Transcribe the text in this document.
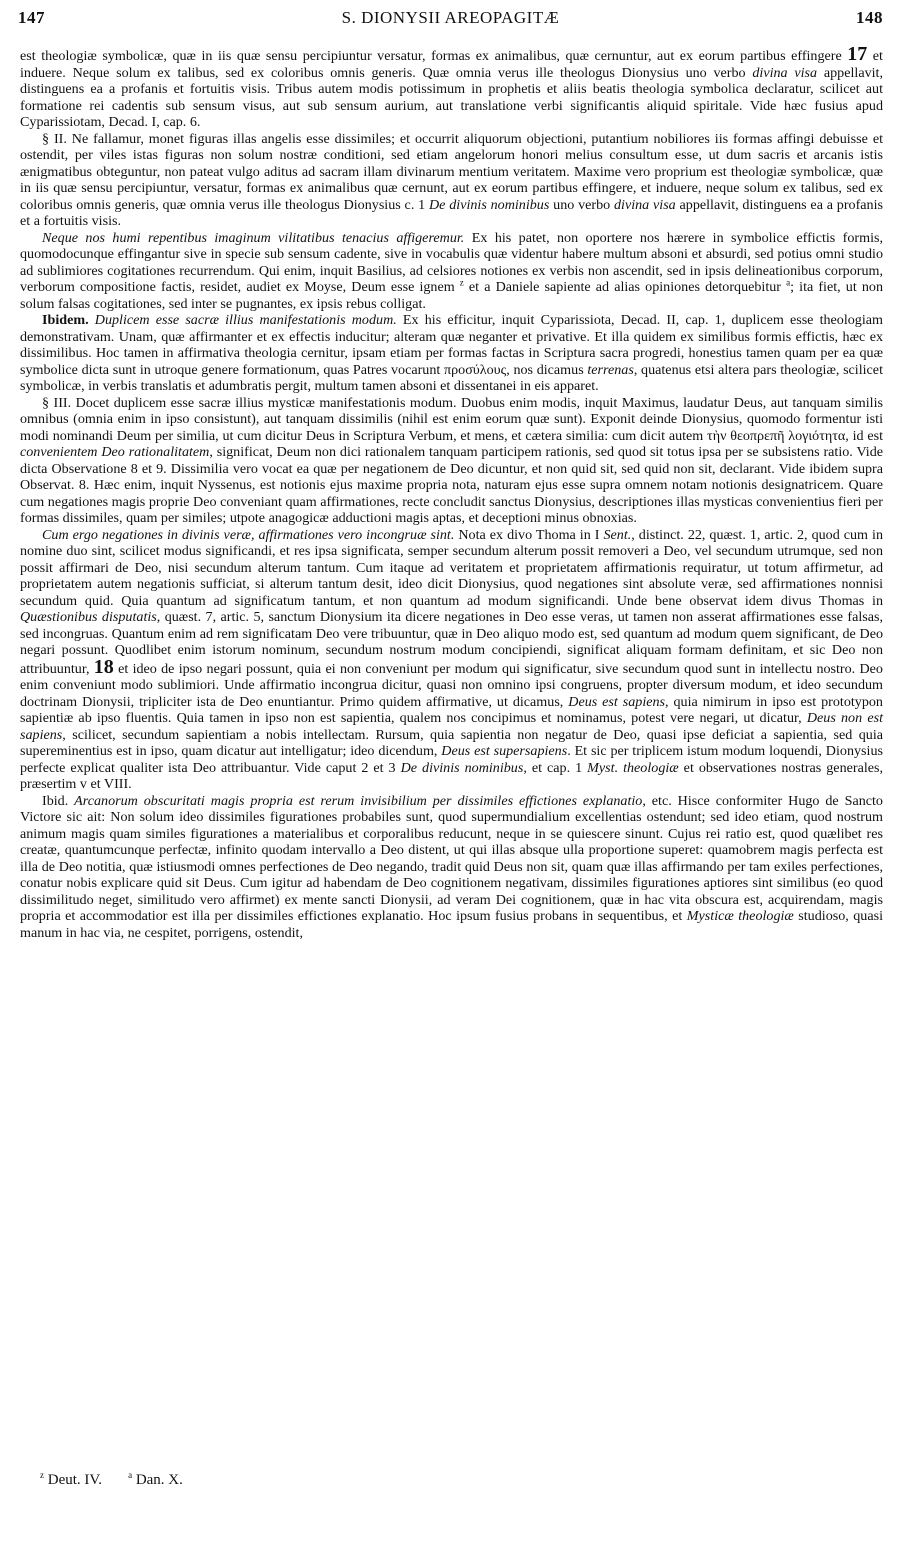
147	S. DIONYSII AREOPAGITÆ	148

est theologiæ symbolicæ, quæ in iis quæ sensu percipiuntur versatur, formas ex animalibus, quæ cernuntur, aut ex eorum partibus effingere 17 et induere. Neque solum ex talibus, sed ex coloribus omnis generis. Quæ omnia verus ille theologus Dionysius uno verbo divina visa appellavit, distinguens ea a profanis et fortuitis visis. Tribus autem modis potissimum in prophetis et aliis beatis theologia symbolica declaratur, scilicet aut formatione rei cadentis sub sensum visus, aut sub sensum aurium, aut translatione verbi significantis aliquid spiritale. Vide hæc fusius apud Cyparissiotam, Decad. I, cap. 6.

§ II. Ne fallamur, monet figuras illas angelis esse dissimiles; et occurrit aliquorum objectioni, putantium nobiliores iis formas affingi debuisse et ostendit, per viles istas figuras non solum nostræ conditioni, sed etiam angelorum honori melius consultum esse, ut dum sacris et arcanis istis ænigmatibus obteguntur, non pateat vulgo aditus ad sacram illam divinarum mentium veritatem. Maxime vero proprium est theologiæ symbolicæ, quæ in iis quæ sensu percipiuntur, versatur, formas ex animalibus quæ cernunt, aut ex eorum partibus effingere, et induere, neque solum ex talibus, sed ex coloribus omnis generis, quæ omnia verus ille theologus Dionysius c. 1 De divinis nominibus uno verbo divina visa appellavit, distinguens ea a profanis et a fortuitis visis.

Neque nos humi repentibus imaginum vilitatibus tenacius affigeremur. Ex his patet, non oportere nos hærere in symbolice effictis formis, quomodocunque effingantur sive in specie sub sensum cadente, sive in vocabulis quæ videntur habere multum absoni et absurdi, sed potius omni studio ad sublimiores cogitationes recurrendum. Qui enim, inquit Basilius, ad celsiores notiones ex verbis non ascendit, sed in ipsis delineationibus corporum, verborum compositione factis, residet, audiet ex Moyse, Deum esse ignem $^z$ et a Daniele sapiente ad alias opiniones detorquebitur $^a$; ita fiet, ut non solum falsas cogitationes, sed inter se pugnantes, ex ipsis rebus colligat.

Ibidem. Duplicem esse sacræ illius manifestationis modum. Ex his efficitur, inquit Cyparissiota, Decad. II, cap. 1, duplicem esse theologiam demonstrativam. Unam, quæ affirmanter et ex effectis inducitur; alteram quæ neganter et privative. Et illa quidem ex similibus formis effictis, hæc ex dissimilibus. Hoc tamen in affirmativa theologia cernitur, ipsam etiam per formas factas in Scriptura sacra progredi, honestius tamen quam per ea quæ symbolice dicta sunt in utroque genere formationum, quas Patres vocarunt προσύλους, nos dicamus terrenas, quatenus etsi altera pars theologiæ, scilicet symbolicæ, in verbis translatis et adumbratis pergit, multum tamen absoni et dissentanei in eis apparet.

§ III. Docet duplicem esse sacræ illius mysticæ manifestationis modum. Duobus enim modis, inquit Maximus, laudatur Deus, aut tanquam similis omnibus (omnia enim in ipso consistunt), aut tanquam dissimilis (nihil est enim eorum quæ sunt). Exponit deinde Dionysius, quomodo formentur isti modi nominandi Deum per similia, ut cum dicitur Deus in Scriptura Verbum, et mens, et cætera similia: cum dicit autem τὴν θεοπρεπῆ λογιότητα, id est convenientem Deo rationalitatem, significat, Deum non dici rationalem tanquam participem rationis, sed quod sit totus ipsa per se subsistens ratio. Vide dicta Observatione 8 et 9. Dissimilia vero vocat ea quæ per negationem de Deo dicuntur, et non quid sit, sed quid non sit, declarant. Vide ibidem supra Observat. 8. Hæc enim, inquit Nyssenus, est notionis ejus maxime propria nota, naturam ejus esse supra omnem notam notionis designatricem. Quare cum negationes magis proprie Deo conveniant quam affirmationes, recte concludit sanctus Dionysius, descriptiones illas mysticas convenientius fieri per formas dissimiles, quam per similes; utpote anagogicæ adductioni magis aptas, et deceptioni minus obnoxias.

Cum ergo negationes in divinis veræ, affirmationes vero incongruæ sint. Nota ex divo Thoma in I Sent., distinct. 22, quæst. 1, artic. 2, quod cum in nomine duo sint, scilicet modus significandi, et res ipsa significata, semper secundum alterum possit removeri a Deo, vel secundum utrumque, sed non possit affirmari de Deo, nisi secundum alterum tantum. Cum itaque ad veritatem et proprietatem affirmationis requiratur, ut totum affirmetur, ad proprietatem autem negationis sufficiat, si alterum tantum desit, ideo dicit Dionysius, quod negationes sint absolute veræ, sed affirmationes nonnisi secundum quid. Quia quantum ad significatum tantum, et non quantum ad modum significandi. Unde bene observat idem divus Thomas in Quæstionibus disputatis, quæst. 7, artic. 5, sanctum Dionysium ita dicere negationes in Deo esse veras, ut tamen non asserat affirmationes esse falsas, sed incongruas. Quantum enim ad rem significatam Deo vere tribuuntur, quæ in Deo aliquo modo est, sed quantum ad modum quem significant, de Deo negari possunt. Quodlibet enim istorum nominum, secundum nostrum modum concipiendi, significat aliquam formam definitam, et sic Deo non attribuuntur, 18 et ideo de ipso negari possunt, quia ei non conveniunt per modum qui significatur, sive secundum quod sunt in intellectu nostro. Deo enim conveniunt modo sublimiori. Unde affirmatio incongrua dicitur, quasi non omnino ipsi congruens, propter diversum modum, et ideo secundum doctrinam Dionysii, tripliciter ista de Deo enuntiantur. Primo quidem affirmative, ut dicamus, Deus est sapiens, quia nimirum in ipso est prototypon sapientiæ ab ipso fluentis. Quia tamen in ipso non est sapientia, qualem nos concipimus et nominamus, potest vere negari, ut dicatur, Deus non est sapiens, scilicet, secundum sapientiam a nobis intellectam. Rursum, quia sapientia non negatur de Deo, quasi ipse deficiat a sapientia, sed quia supereminentius est in ipso, quam dicatur aut intelligatur; ideo dicendum, Deus est supersapiens. Et sic per triplicem istum modum loquendi, Dionysius perfecte explicat qualiter ista Deo attribuantur. Vide caput 2 et 3 De divinis nominibus, et cap. 1 Myst. theologiæ et observationes nostras generales, præsertim v et VIII.

Ibid. Arcanorum obscuritati magis propria est rerum invisibilium per dissimiles effictiones explanatio, etc. Hisce conformiter Hugo de Sancto Victore sic ait: Non solum ideo dissimiles figurationes probabiles sunt, quod supermundialium excellentias ostendunt; sed ideo etiam, quod nostrum animum magis quam similes figurationes a materialibus et corporalibus reducunt, neque in se quiescere sinunt. Cujus rei ratio est, quod quælibet res creatæ, quantumcunque perfectæ, infinito quodam intervallo a Deo distent, ut qui illas absque ulla proportione superet: quamobrem magis perfecta est illa de Deo notitia, quæ istiusmodi omnes perfectiones de Deo negando, tradit quid Deus non sit, quam quæ illas affirmando per tam exiles perfectiones, conatur nobis explicare quid sit Deus. Cum igitur ad habendam de Deo cognitionem negativam, dissimiles figurationes aptiores sint similibus (eo quod dissimilitudo neget, similitudo vero affirmet) ex mente sancti Dionysii, ad veram Dei cognitionem, quæ in hac vita obscura est, acquirendam, magis propria et accommodatior est illa per dissimiles effictiones explanatio. Hoc ipsum fusius probans in sequentibus, et Mysticæ theologiæ studioso, quasi manum in hac via, ne cespitet, porrigens, ostendit,

$^z$ Deut. IV.	$^a$ Dan. X.
